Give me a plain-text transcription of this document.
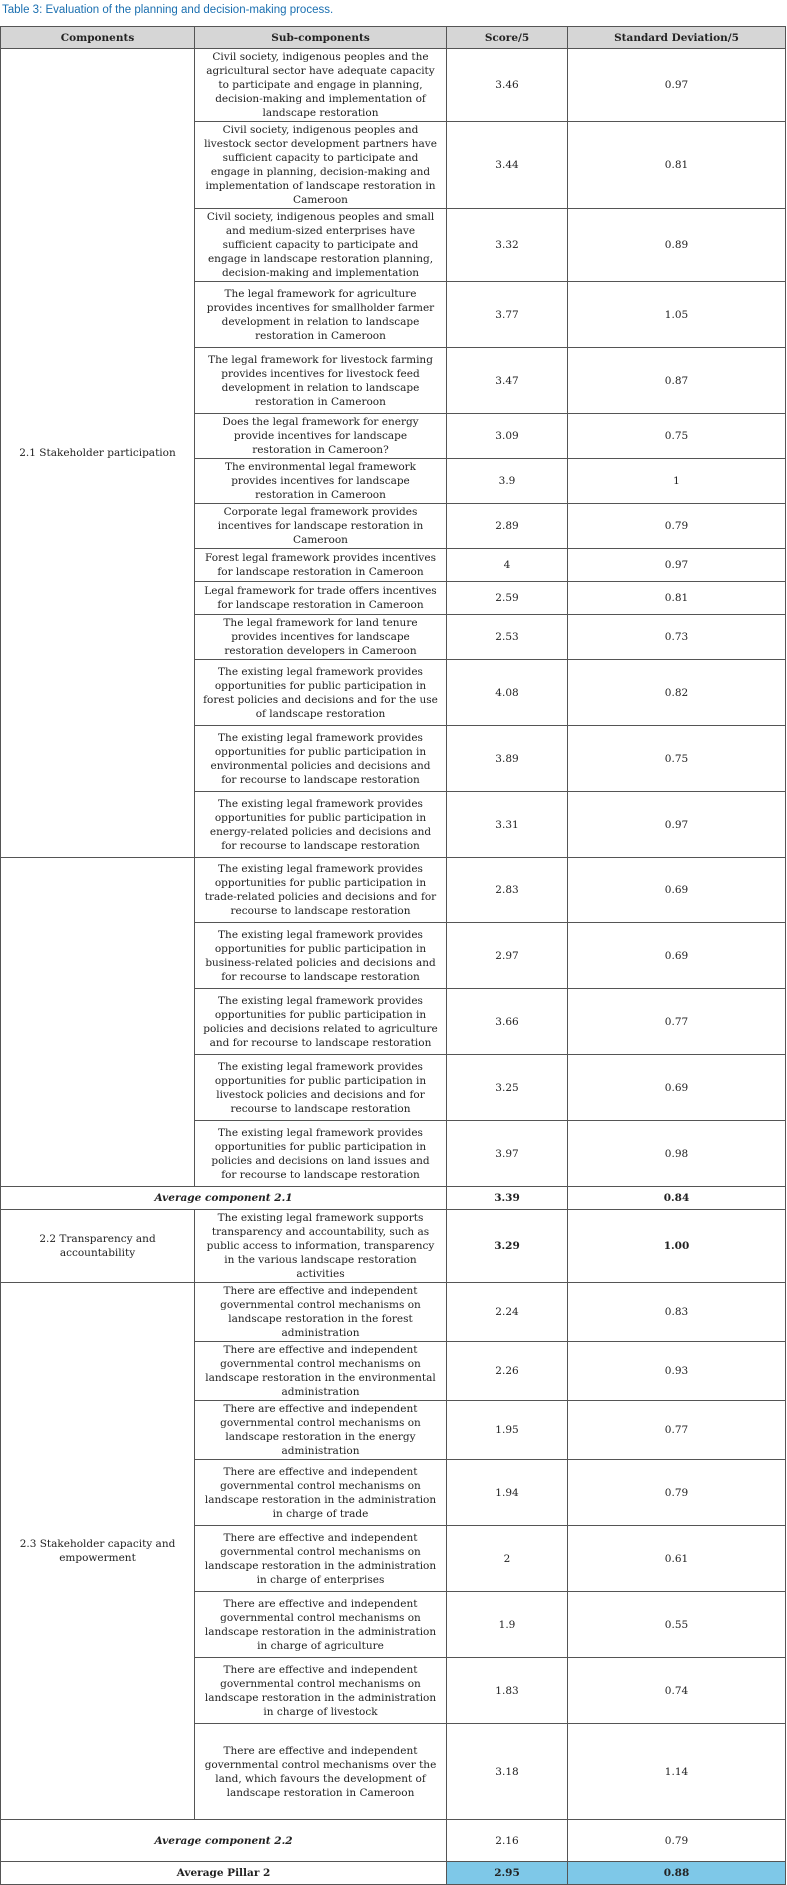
Table 3: Evaluation of the planning and decision-making process.
Components	Sub-components	Score/5	Standard Deviation/5
2.1 Stakeholder participation	Civil society, indigenous peoples and the agricultural sector have adequate capacity to participate and engage in planning, decision-making and implementation of landscape restoration	3.46	0.97
	Civil society, indigenous peoples and livestock sector development partners have sufficient capacity to participate and engage in planning, decision-making and implementation of landscape restoration in Cameroon	3.44	0.81
	Civil society, indigenous peoples and small and medium-sized enterprises have sufficient capacity to participate and engage in landscape restoration planning, decision-making and implementation	3.32	0.89
	The legal framework for agriculture provides incentives for smallholder farmer development in relation to landscape restoration in Cameroon	3.77	1.05
	The legal framework for livestock farming provides incentives for livestock feed development in relation to landscape restoration in Cameroon	3.47	0.87
	Does the legal framework for energy provide incentives for landscape restoration in Cameroon?	3.09	0.75
	The environmental legal framework provides incentives for landscape restoration in Cameroon	3.9	1
	Corporate legal framework provides incentives for landscape restoration in Cameroon	2.89	0.79
	Forest legal framework provides incentives for landscape restoration in Cameroon	4	0.97
	Legal framework for trade offers incentives for landscape restoration in Cameroon	2.59	0.81
	The legal framework for land tenure provides incentives for landscape restoration developers in Cameroon	2.53	0.73
	The existing legal framework provides opportunities for public participation in forest policies and decisions and for the use of landscape restoration	4.08	0.82
	The existing legal framework provides opportunities for public participation in environmental policies and decisions and for recourse to landscape restoration	3.89	0.75
	The existing legal framework provides opportunities for public participation in energy-related policies and decisions and for recourse to landscape restoration	3.31	0.97
	The existing legal framework provides opportunities for public participation in trade-related policies and decisions and for recourse to landscape restoration	2.83	0.69
	The existing legal framework provides opportunities for public participation in business-related policies and decisions and for recourse to landscape restoration	2.97	0.69
	The existing legal framework provides opportunities for public participation in policies and decisions related to agriculture and for recourse to landscape restoration	3.66	0.77
	The existing legal framework provides opportunities for public participation in livestock policies and decisions and for recourse to landscape restoration	3.25	0.69
	The existing legal framework provides opportunities for public participation in policies and decisions on land issues and for recourse to landscape restoration	3.97	0.98
Average component 2.1		3.39	0.84
2.2 Transparency and accountability	The existing legal framework supports transparency and accountability, such as public access to information, transparency in the various landscape restoration activities	3.29	1.00
2.3 Stakeholder capacity and empowerment	There are effective and independent governmental control mechanisms on landscape restoration in the forest administration	2.24	0.83
	There are effective and independent governmental control mechanisms on landscape restoration in the environmental administration	2.26	0.93
	There are effective and independent governmental control mechanisms on landscape restoration in the energy administration	1.95	0.77
	There are effective and independent governmental control mechanisms on landscape restoration in the administration in charge of trade	1.94	0.79
	There are effective and independent governmental control mechanisms on landscape restoration in the administration in charge of enterprises	2	0.61
	There are effective and independent governmental control mechanisms on landscape restoration in the administration in charge of agriculture	1.9	0.55
	There are effective and independent governmental control mechanisms on landscape restoration in the administration in charge of livestock	1.83	0.74
	There are effective and independent governmental control mechanisms over the land, which favours the development of landscape restoration in Cameroon	3.18	1.14
Average component 2.2		2.16	0.79
Average Pillar 2		2.95	0.88
